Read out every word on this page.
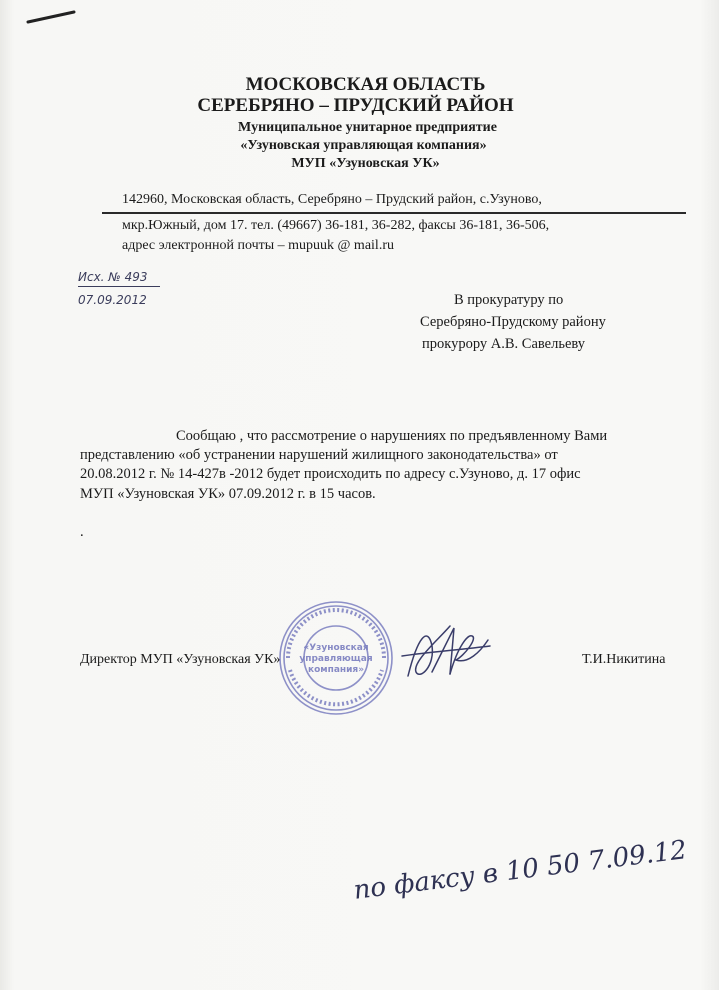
МОСКОВСКАЯ ОБЛАСТЬ
СЕРЕБРЯНО – ПРУДСКИЙ РАЙОН
Муниципальное унитарное предприятие
«Узуновская управляющая компания»
МУП «Узуновская УК»
142960, Московская область, Серебряно – Прудский район, с.Узуново,
мкр.Южный, дом 17. тел. (49667) 36-181, 36-282, факсы 36-181, 36-506,
адрес электронной почты – mupuuk @ mail.ru
Исх. № 493
07.09.2012	В прокуратуру по
Серебряно-Прудскому району
прокурору А.В. Савельеву
Сообщаю , что рассмотрение о нарушениях по предъявленному Вами
представлению «об устранении нарушений жилищного законодательства» от
20.08.2012 г. № 14-427в -2012 будет происходить по адресу с.Узуново, д. 17 офис
МУП «Узуновская УК» 07.09.2012 г. в 15 часов.
.
«Узуновская
управляющая
компания»
Директор МУП «Узуновская УК»	Т.И.Никитина
по факсу в 10 50 7.09.12
